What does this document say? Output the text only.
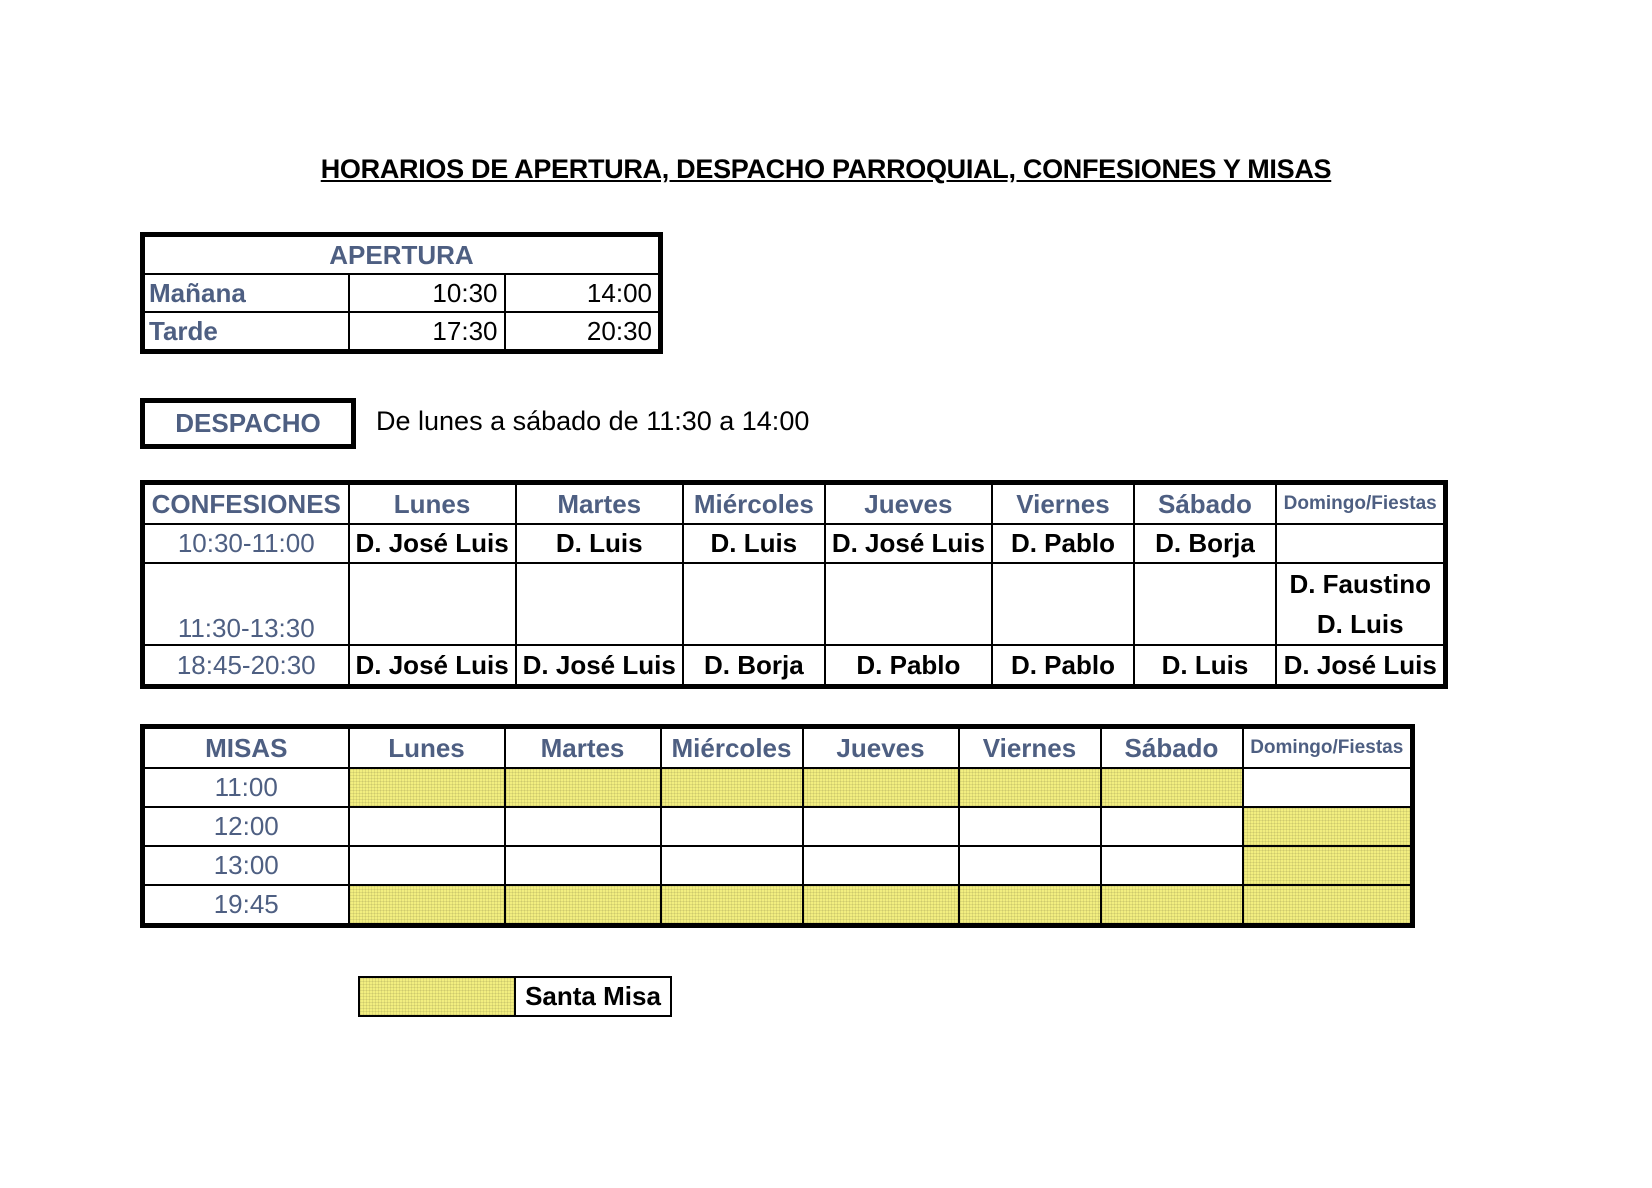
HORARIOS DE APERTURA, DESPACHO PARROQUIAL, CONFESIONES Y MISAS
APERTURA		
Mañana	10:30	14:00
Tarde	17:30	20:30
DESPACHO	De lunes a sábado de 11:30 a 14:00
CONFESIONES	Lunes	Martes	Miércoles	Jueves	Viernes	Sábado	Domingo/Fiestas
10:30-11:00	D. José Luis	D. Luis	D. Luis	D. José Luis	D. Pablo	D. Borja	
11:30-13:30							D. Faustino
D. Luis

18:45-20:30	D. José Luis	D. José Luis	D. Borja	D. Pablo	D. Pablo	D. Luis	D. José Luis
MISAS	Lunes	Martes	Miércoles	Jueves	Viernes	Sábado	Domingo/Fiestas
11:00							
12:00							
13:00							
19:45							
	Santa Misa
